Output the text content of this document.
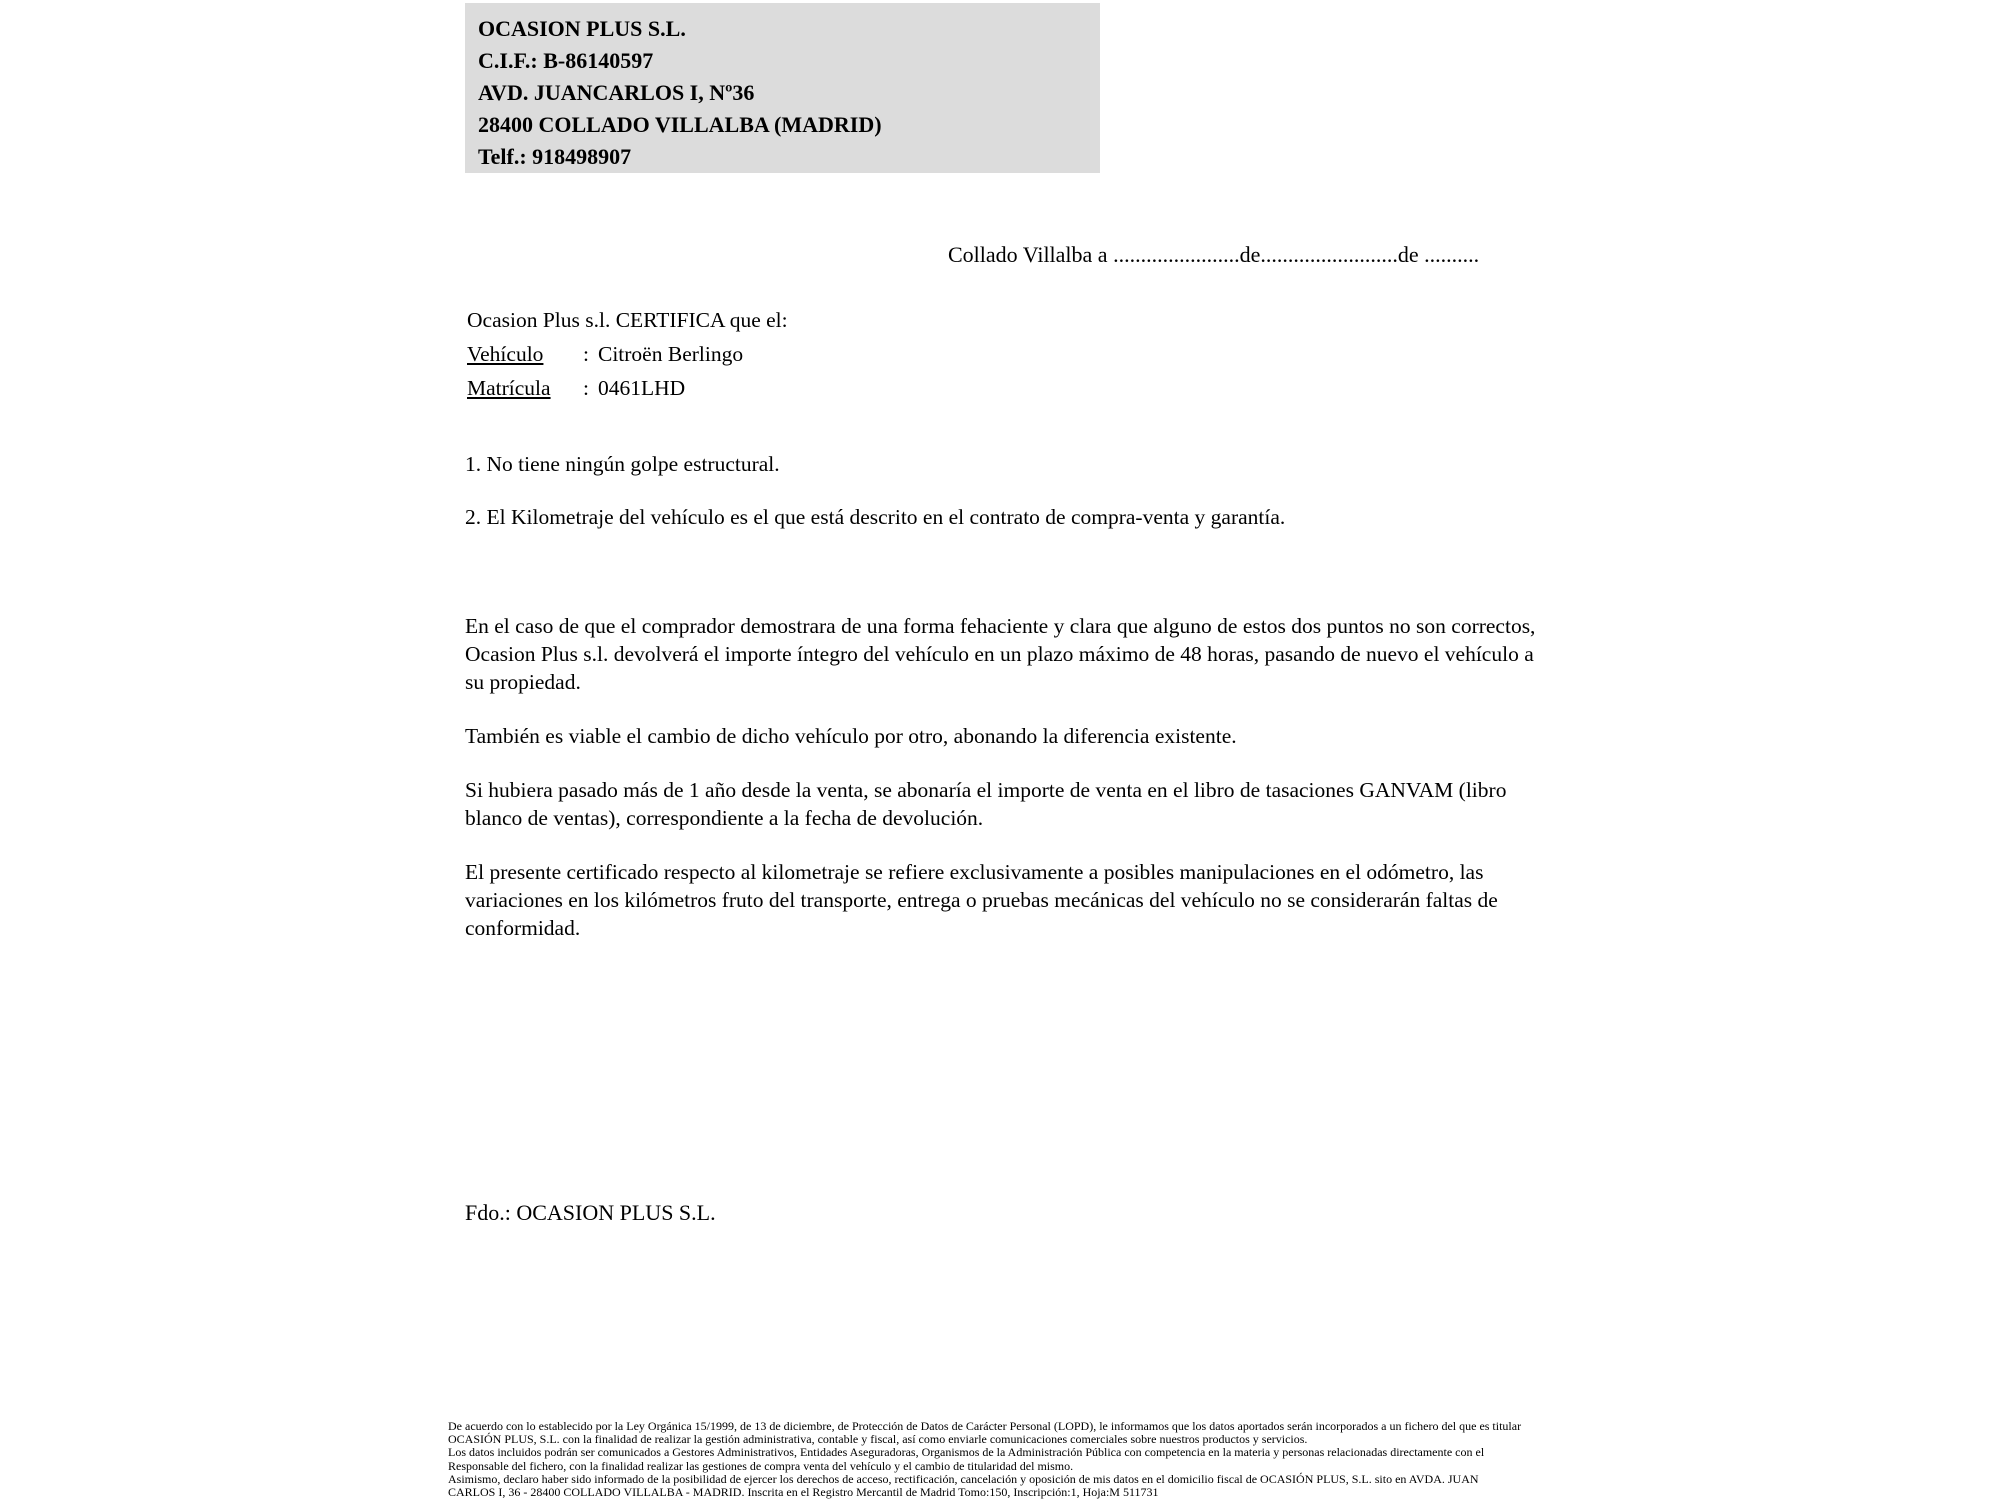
OCASION PLUS S.L.
C.I.F.: B-86140597
AVD. JUANCARLOS I, Nº36
28400 COLLADO VILLALBA (MADRID)
Telf.: 918498907
Collado Villalba a .......................de.........................de ..........
Ocasion Plus s.l. CERTIFICA que el:
Vehículo : Citroën Berlingo
Matrícula : 0461LHD
1. No tiene ningún golpe estructural.
2. El Kilometraje del vehículo es el que está descrito en el contrato de compra-venta y garantía.

En el caso de que el comprador demostrara de una forma fehaciente y clara que alguno de estos dos puntos no son correctos, Ocasion Plus s.l. devolverá el importe íntegro del vehículo en un plazo máximo de 48 horas, pasando de nuevo el vehículo a su propiedad.

También es viable el cambio de dicho vehículo por otro, abonando la diferencia existente.

Si hubiera pasado más de 1 año desde la venta, se abonaría el importe de venta en el libro de tasaciones GANVAM (libro blanco de ventas), correspondiente a la fecha de devolución.

El presente certificado respecto al kilometraje se refiere exclusivamente a posibles manipulaciones en el odómetro, las variaciones en los kilómetros fruto del transporte, entrega o pruebas mecánicas del vehículo no se considerarán faltas de conformidad.

Fdo.: OCASION PLUS S.L.
De acuerdo con lo establecido por la Ley Orgánica 15/1999, de 13 de diciembre, de Protección de Datos de Carácter Personal (LOPD), le informamos que los datos aportados serán incorporados a un fichero del que es titular
OCASIÓN PLUS, S.L. con la finalidad de realizar la gestión administrativa, contable y fiscal, así como enviarle comunicaciones comerciales sobre nuestros productos y servicios.
Los datos incluidos podrán ser comunicados a Gestores Administrativos, Entidades Aseguradoras, Organismos de la Administración Pública con competencia en la materia y personas relacionadas directamente con el
Responsable del fichero, con la finalidad realizar las gestiones de compra venta del vehículo y el cambio de titularidad del mismo.
Asimismo, declaro haber sido informado de la posibilidad de ejercer los derechos de acceso, rectificación, cancelación y oposición de mis datos en el domicilio fiscal de OCASIÓN PLUS, S.L. sito en AVDA. JUAN
CARLOS I, 36 - 28400 COLLADO VILLALBA - MADRID. Inscrita en el Registro Mercantil de Madrid Tomo:150, Inscripción:1, Hoja:M 511731
